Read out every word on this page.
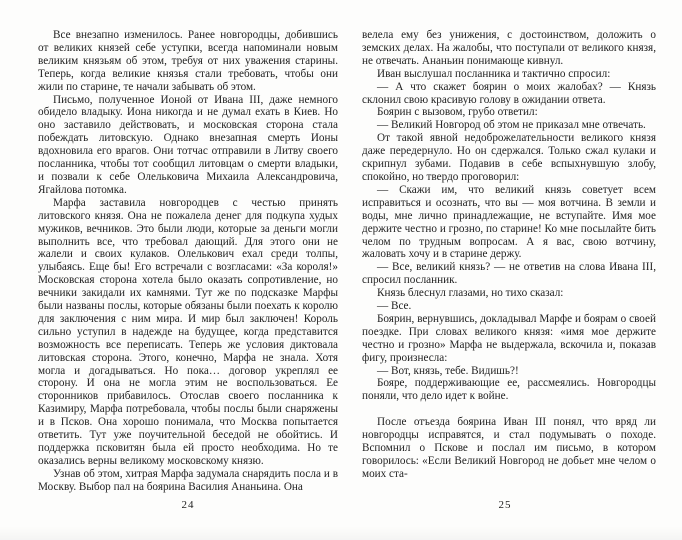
Все внезапно изменилось. Ранее новгородцы, добившись от великих князей себе уступки, всегда напоминали новым великим князьям об этом, требуя от них уважения старины. Теперь, когда великие князья стали требовать, чтобы они жили по старине, те начали забывать об этом.

Письмо, полученное Ионой от Ивана III, даже немного обидело владыку. Иона никогда и не думал ехать в Киев. Но оно заставило действовать, и московская сторона стала побеждать литовскую. Однако внезапная смерть Ионы вдохновила его врагов. Они тотчас отправили в Литву своего посланника, чтобы тот сообщил литовцам о смерти владыки, и позвали к себе Олельковича Михаила Александровича, Ягайлова потомка.

Марфа заставила новгородцев с честью принять литовского князя. Она не пожалела денег для подкупа худых мужиков, вечников. Это были люди, которые за деньги могли выполнить все, что требовал дающий. Для этого они не жалели и своих кулаков. Олелькович ехал среди толпы, улыбаясь. Еще бы! Его встречали с возгласами: «За короля!» Московская сторона хотела было оказать сопротивление, но вечники закидали их камнями. Тут же по подсказке Марфы были названы послы, которые обязаны были поехать к королю для заключения с ним мира. И мир был заключен! Король сильно уступил в надежде на будущее, когда представится возможность все переписать. Теперь же условия диктовала литовская сторона. Этого, конечно, Марфа не знала. Хотя могла и догадываться. Но пока… договор укреплял ее сторону. И она не могла этим не воспользоваться. Ее сторонников прибавилось. Отослав своего посланника к Казимиру, Марфа потребовала, чтобы послы были снаряжены и в Псков. Она хорошо понимала, что Москва попытается ответить. Тут уже поучительной беседой не обойтись. И поддержка псковитян была ей просто необходима. Но те оказались верны великому московскому князю.

Узнав об этом, хитрая Марфа задумала снарядить посла и в Москву. Выбор пал на боярина Василия Ананьина. Она

велела ему без унижения, с достоинством, доложить о земских делах. На жалобы, что поступали от великого князя, не отвечать. Ананьин понимающе кивнул.

Иван выслушал посланника и тактично спросил:

— А что скажет боярин о моих жалобах? — Князь склонил свою красивую голову в ожидании ответа.

Боярин с вызовом, грубо ответил:

— Великий Новгород об этом не приказал мне отвечать.

От такой явной недоброжелательности великого князя даже передернуло. Но он сдержался. Только сжал кулаки и скрипнул зубами. Подавив в себе вспыхнувшую злобу, спокойно, но твердо проговорил:

— Скажи им, что великий князь советует всем исправиться и осознать, что вы — моя вотчина. В земли и воды, мне лично принадлежащие, не вступайте. Имя мое держите честно и грозно, по старине! Ко мне посылайте бить челом по трудным вопросам. А я вас, свою вотчину, жаловать хочу и в старине держу.

— Все, великий князь? — не ответив на слова Ивана III, спросил посланник.

Князь блеснул глазами, но тихо сказал:

— Все.

Боярин, вернувшись, докладывал Марфе и боярам о своей поездке. При словах великого князя: «имя мое держите честно и грозно» Марфа не выдержала, вскочила и, показав фигу, произнесла:

— Вот, князь, тебе. Видишь?!

Бояре, поддерживающие ее, рассмеялись. Новгородцы поняли, что дело идет к войне.

После отъезда боярина Иван III понял, что вряд ли новгородцы исправятся, и стал подумывать о походе. Вспомнил о Пскове и послал им письмо, в котором говорилось: «Если Великий Новгород не добьет мне челом о моих ста-

24	25
